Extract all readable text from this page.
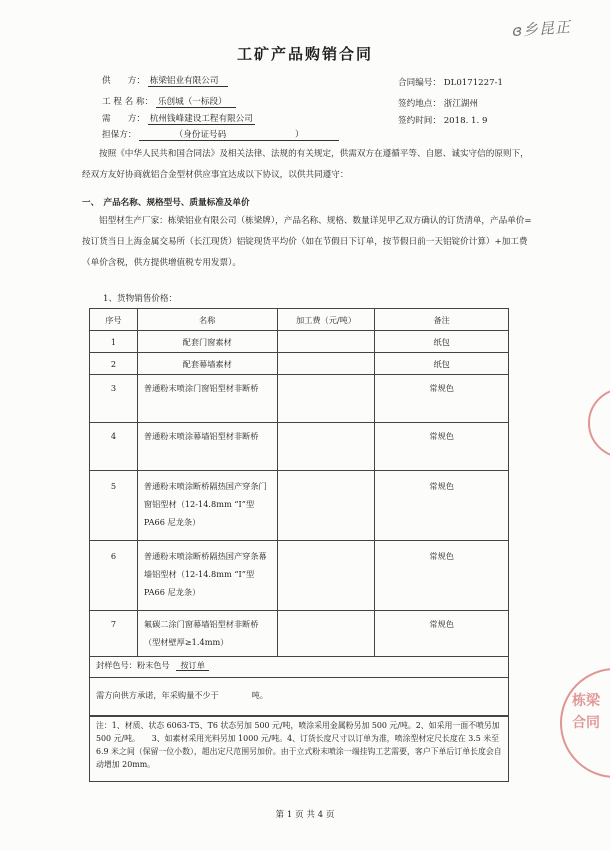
ɞ乡昆正
工矿产品购销合同
供　　方： 栋梁铝业有限公司	合同编号： DL0171227-1
工 程 名 称： 乐创城（一标段）	签约地点： 浙江湖州
需　　方： 杭州钱峰建设工程有限公司	签约时间： 2018. 1. 9
担保方：	（身份证号码　　　　　　　　）
按照《中华人民共和国合同法》及相关法律、法规的有关规定，供需双方在遵循平等、自愿、诚实守信的原则下，经双方友好协商就铝合金型材供应事宜达成以下协议，以供共同遵守：
一、　产品名称、规格型号、质量标准及单价
铝型材生产厂家：栋梁铝业有限公司（栋梁牌），产品名称、规格、数量详见甲乙双方确认的订货清单，产品单价=按订货当日上海金属交易所（长江现货）铝锭现货平均价（如在节假日下订单，按节假日前一天铝锭价计算）+加工费（单价含税，供方提供增值税专用发票）。
1、货物销售价格：
序号	名称	加工费（元/吨）	备注
1	配套门窗素材		纸包
2	配套幕墙素材		纸包
3	普通粉末喷涂门窗铝型材非断桥		常规色
4	普通粉末喷涂幕墙铝型材非断桥		常规色
5	普通粉末喷涂断桥隔热国产穿条门窗铝型材（12-14.8mm “I”型 PA66 尼龙条）		常规色
6	普通粉末喷涂断桥隔热国产穿条幕墙铝型材（12-14.8mm “I”型 PA66 尼龙条）		常规色
7	氟碳二涂门窗幕墙铝型材非断桥（型材壁厚≥1.4mm）		常规色
封样色号：粉末色号 按订单
需方向供方承诺，年采购量不少于　　　　吨。
注：1、材质、状态 6063-T5、T6 状态另加 500 元/吨，喷涂采用金属粉另加 500 元/吨。2、如采用一面不喷另加 500 元/吨。　　3、如素材采用光料另加 1000 元/吨。4、订货长度尺寸以订单为准，喷涂型材定尺长度在 3.5 米至 6.9 米之间（保留一位小数），超出定尺范围另加价。由于立式粉末喷涂一端挂钩工艺需要，客户下单后订单长度会自动增加 20mm。
第 1 页 共 4 页
栋梁
合同
